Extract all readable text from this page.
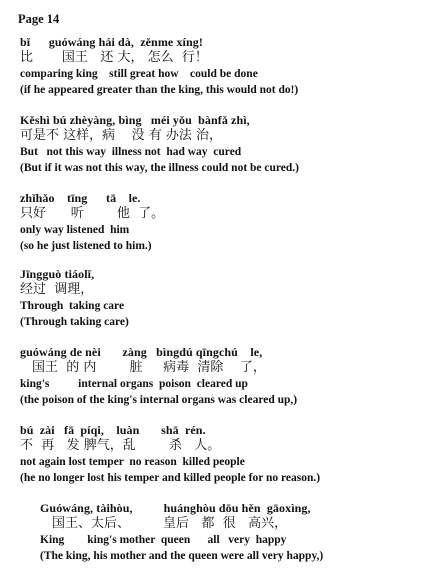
Page 14
bǐ      guówáng hái dà,  zěnme xíng!
比       国王   还 大， 怎么  行！
comparing king    still great how    could be done
(if he appeared greater than the king, this would not do!)
Kěshì bú zhèyàng, bìng   méi yǒu  bànfǎ zhì,
可是不 这样，病    没 有 办法 治，
But   not this way  illness not  had way  cured
(But if it was not this way, the illness could not be cured.)
zhǐhǎo    tīng      tā    le.
只好      听        他  了。
only way listened  him
(so he just listened to him.)
Jīngguò tiáolǐ,
经过  调理，
Through  taking care
(Through taking care)
guówáng de nèi       zàng   bìngdú qīngchú    le,
国王  的 内        脏     病毒  清除    了，
king's          internal organs  poison  cleared up
(the poison of the king's internal organs was cleared up,)
bú  zài   fā  píqi,    luàn       shā  rén.
不  再   发 脾气，乱        杀   人。
not again lost temper  no reason  killed people
(he no longer lost his temper and killed people for no reason.)
Guówáng, tàihòu,          huánghòu dōu hěn  gāoxìng,
国王、太后、        皇后   都  很   高兴，
King        king's mother  queen      all   very  happy
(The king, his mother and the queen were all very happy,)
